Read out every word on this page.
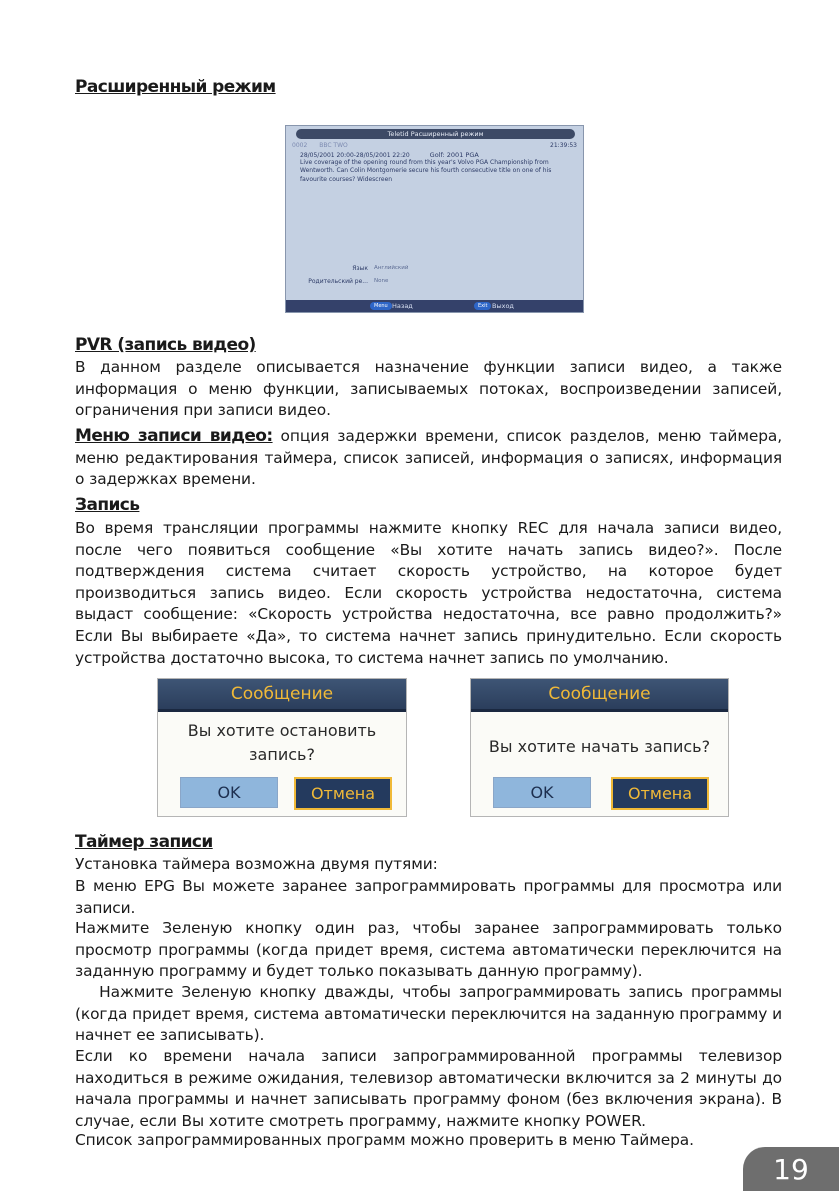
Расширенный режим
Teletid Расширенный режим
0002 BBC TWO	21:39:53
28/05/2001 20:00-28/05/2001 22:20	Golf: 2001 PGA
Live coverage of the opening round from this year's Volvo PGA Championship from Wentworth. Can Colin Montgomerie secure his fourth consecutive title on one of his favourite courses? Widescreen
Язык Английский
Родительский ре... None
Menu Назад	Exit Выход
PVR (запись видео)

В данном разделе описывается назначение функции записи видео, а также информация о меню функции, записываемых потоках, воспроизведении записей, ограничения при записи видео.

Меню записи видео: опция задержки времени, список разделов, меню таймера, меню редактирования таймера, список записей, информация о записях, информация о задержках времени.

Запись

Во время трансляции программы нажмите кнопку REC для начала записи видео, после чего появиться сообщение «Вы хотите начать запись видео?». После подтверждения система считает скорость устройство, на которое будет производиться запись видео. Если скорость устройства недостаточна, система выдаст сообщение: «Скорость устройства недостаточна, все равно продолжить?» Если Вы выбираете «Да», то система начнет запись принудительно. Если скорость устройства достаточно высока, то система начнет запись по умолчанию.

Сообщение
Вы хотите остановить
запись?
OK	Отмена
Сообщение
Вы хотите начать запись?
OK	Отмена
Таймер записи

Установка таймера возможна двумя путями:

В меню EPG Вы можете заранее запрограммировать программы для просмотра или записи.

Нажмите Зеленую кнопку один раз, чтобы заранее запрограммировать только просмотр программы (когда придет время, система автоматически переключится на заданную программу и будет только показывать данную программу).

Нажмите Зеленую кнопку дважды, чтобы запрограммировать запись программы (когда придет время, система автоматически переключится на заданную программу и начнет ее записывать).

Если ко времени начала записи запрограммированной программы телевизор находиться в режиме ожидания, телевизор автоматически включится за 2 минуты до начала программы и начнет записывать программу фоном (без включения экрана). В случае, если Вы хотите смотреть программу, нажмите кнопку POWER.

Список запрограммированных программ можно проверить в меню Таймера.

19
